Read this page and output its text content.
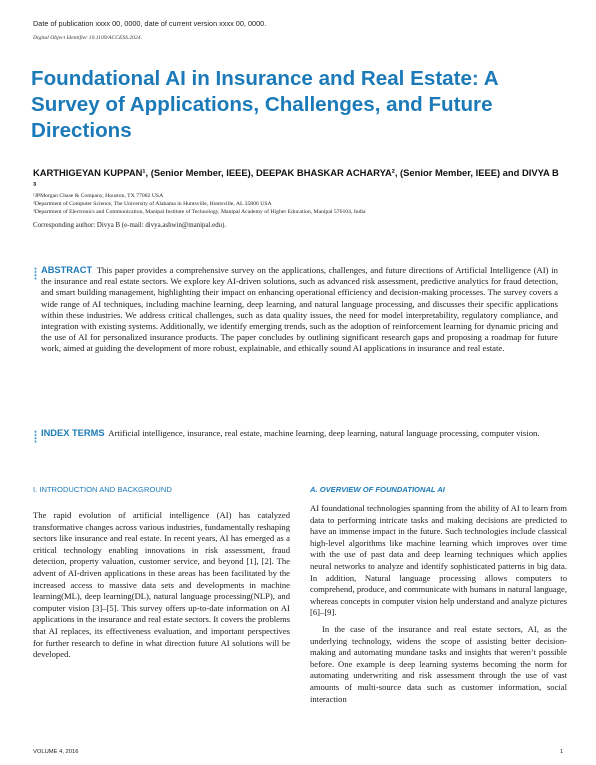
Date of publication xxxx 00, 0000, date of current version xxxx 00, 0000.
Digital Object Identifier 10.1109/ACCESS.2024.
Foundational AI in Insurance and Real Estate: A Survey of Applications, Challenges, and Future Directions
KARTHIGEYAN KUPPAN¹, (Senior Member, IEEE), DEEPAK BHASKAR ACHARYA², (Senior Member, IEEE) and DIVYA B ³
¹JPMorgan Chase & Company, Houston, TX 77082 USA
²Department of Computer Science, The University of Alabama in Huntsville, Huntsville, AL 35806 USA
³Department of Electronics and Communication, Manipal Institute of Technology, Manipal Academy of Higher Education, Manipal 576104, India
Corresponding author: Divya B (e-mail: divya.ashwin@manipal.edu).

ABSTRACT This paper provides a comprehensive survey on the applications, challenges, and future directions of Artificial Intelligence (AI) in the insurance and real estate sectors. We explore key AI-driven solutions, such as advanced risk assessment, predictive analytics for fraud detection, and smart building management, highlighting their impact on enhancing operational efficiency and decision-making processes. The survey covers a wide range of AI techniques, including machine learning, deep learning, and natural language processing, and discusses their specific applications within these industries. We address critical challenges, such as data quality issues, the need for model interpretability, regulatory compliance, and integration with existing systems. Additionally, we identify emerging trends, such as the adoption of reinforcement learning for dynamic pricing and the use of AI for personalized insurance products. The paper concludes by outlining significant research gaps and proposing a roadmap for future work, aimed at guiding the development of more robust, explainable, and ethically sound AI applications in insurance and real estate.

INDEX TERMS Artificial intelligence, insurance, real estate, machine learning, deep learning, natural language processing, computer vision.

I. INTRODUCTION AND BACKGROUND	A. OVERVIEW OF FOUNDATIONAL AI

The rapid evolution of artificial intelligence (AI) has catalyzed transformative changes across various industries, fundamentally reshaping sectors like insurance and real estate. In recent years, AI has emerged as a critical technology enabling innovations in risk assessment, fraud detection, property valuation, customer service, and beyond [1], [2]. The advent of AI-driven applications in these areas has been facilitated by the increased access to massive data sets and developments in machine learning(ML), deep learning(DL), natural language processing(NLP), and computer vision [3]–[5]. This survey offers up-to-date information on AI applications in the insurance and real estate sectors. It covers the problems that AI replaces, its effectiveness evaluation, and important perspectives for further research to define in what direction future AI solutions will be developed.

AI foundational technologies spanning from the ability of AI to learn from data to performing intricate tasks and making decisions are predicted to have an immense impact in the future. Such technologies include classical high-level algorithms like machine learning which improves over time with the use of past data and deep learning techniques which applies neural networks to analyze and identify sophisticated patterns in big data. In addition, Natural language processing allows computers to comprehend, produce, and communicate with humans in natural language, whereas concepts in computer vision help understand and analyze pictures [6]–[9].

In the case of the insurance and real estate sectors, AI, as the underlying technology, widens the scope of assisting better decision-making and automating mundane tasks and insights that weren’t possible before. One example is deep learning systems becoming the norm for automating underwriting and risk assessment through the use of vast amounts of multi-source data such as customer information, social interaction

VOLUME 4, 2016	1
